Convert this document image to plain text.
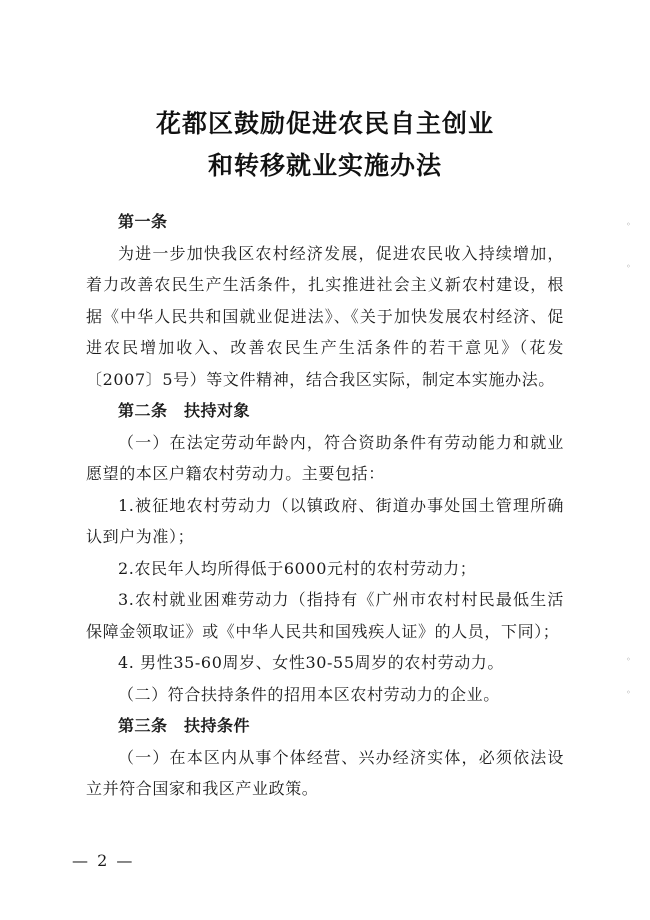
花都区鼓励促进农民自主创业
和转移就业实施办法
第一条
为进一步加快我区农村经济发展，促进农民收入持续增加，
着力改善农民生产生活条件，扎实推进社会主义新农村建设，根
据《中华人民共和国就业促进法》、《关于加快发展农村经济、促
进农民增加收入、改善农民生产生活条件的若干意见》（花发
〔2007〕5号）等文件精神，结合我区实际，制定本实施办法。
第二条　扶持对象
（一）在法定劳动年龄内，符合资助条件有劳动能力和就业
愿望的本区户籍农村劳动力。主要包括：
1.被征地农村劳动力（以镇政府、街道办事处国土管理所确
认到户为准）；
2.农民年人均所得低于6000元村的农村劳动力；
3.农村就业困难劳动力（指持有《广州市农村村民最低生活
保障金领取证》或《中华人民共和国残疾人证》的人员，下同）；
4. 男性35-60周岁、女性30-55周岁的农村劳动力。
（二）符合扶持条件的招用本区农村劳动力的企业。
第三条　扶持条件
（一）在本区内从事个体经营、兴办经济实体，必须依法设
立并符合国家和我区产业政策。
◦
◦
◦
◦
— 2 —
